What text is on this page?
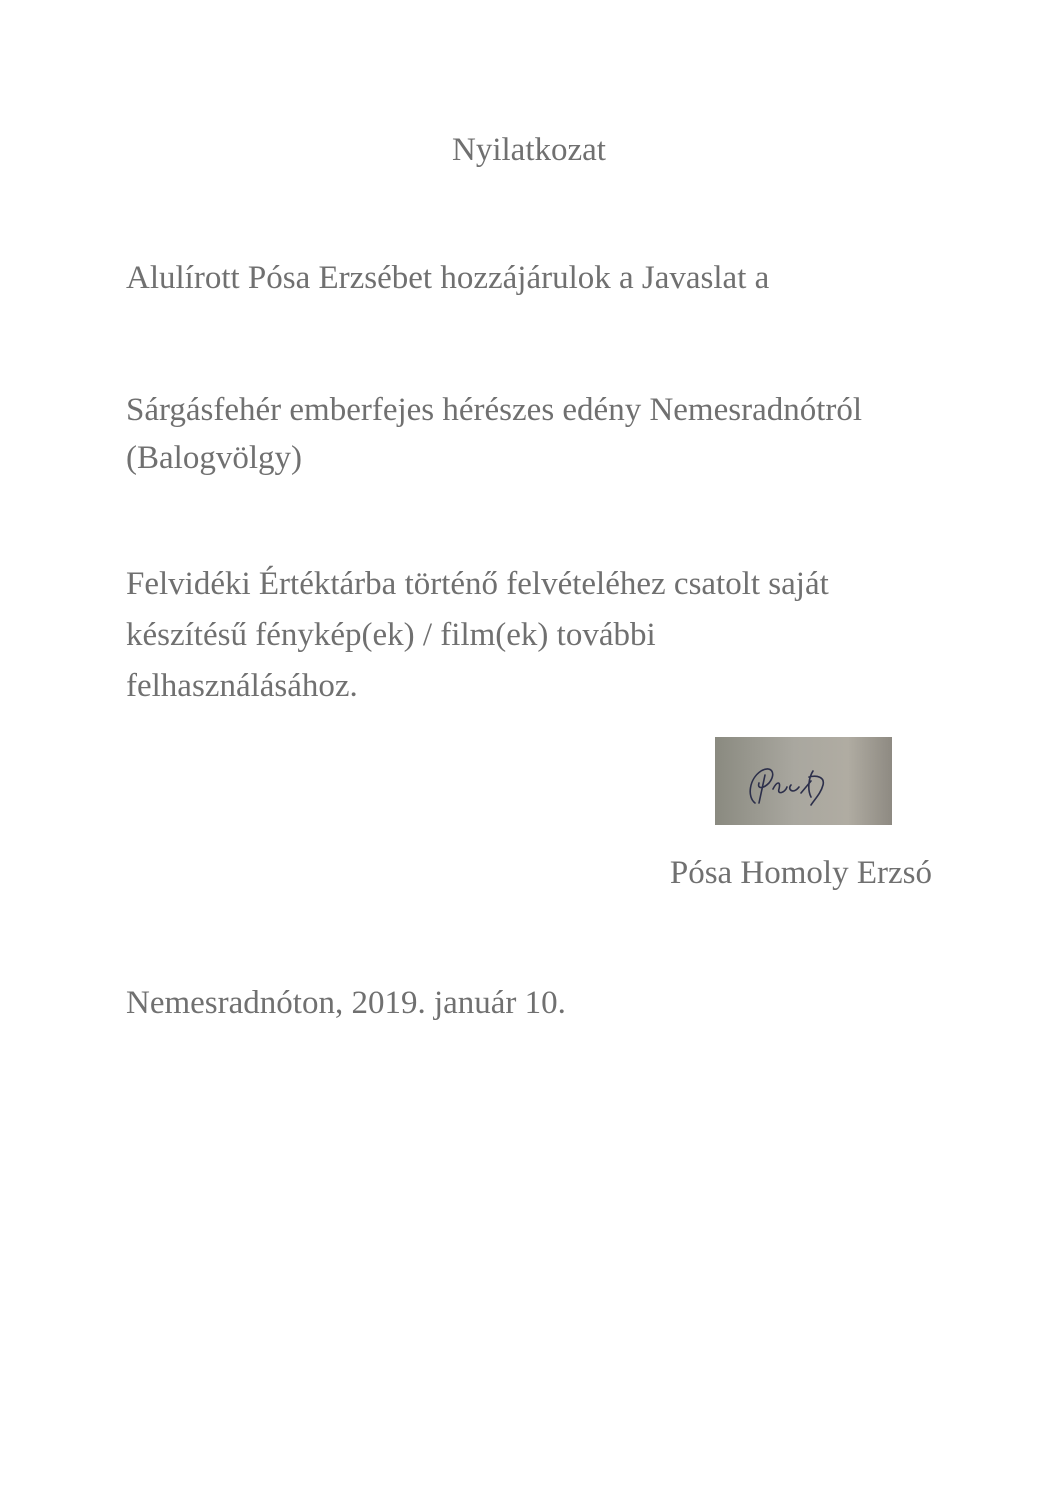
Nyilatkozat
Alulírott Pósa Erzsébet hozzájárulok a Javaslat a
Sárgásfehér emberfejes hérészes edény Nemesradnótról
(Balogvölgy)
Felvidéki Értéktárba történő felvételéhez csatolt saját
készítésű fénykép(ek) / film(ek) további
felhasználásához.
Pósa Homoly Erzsó
Nemesradnóton, 2019. január 10.
